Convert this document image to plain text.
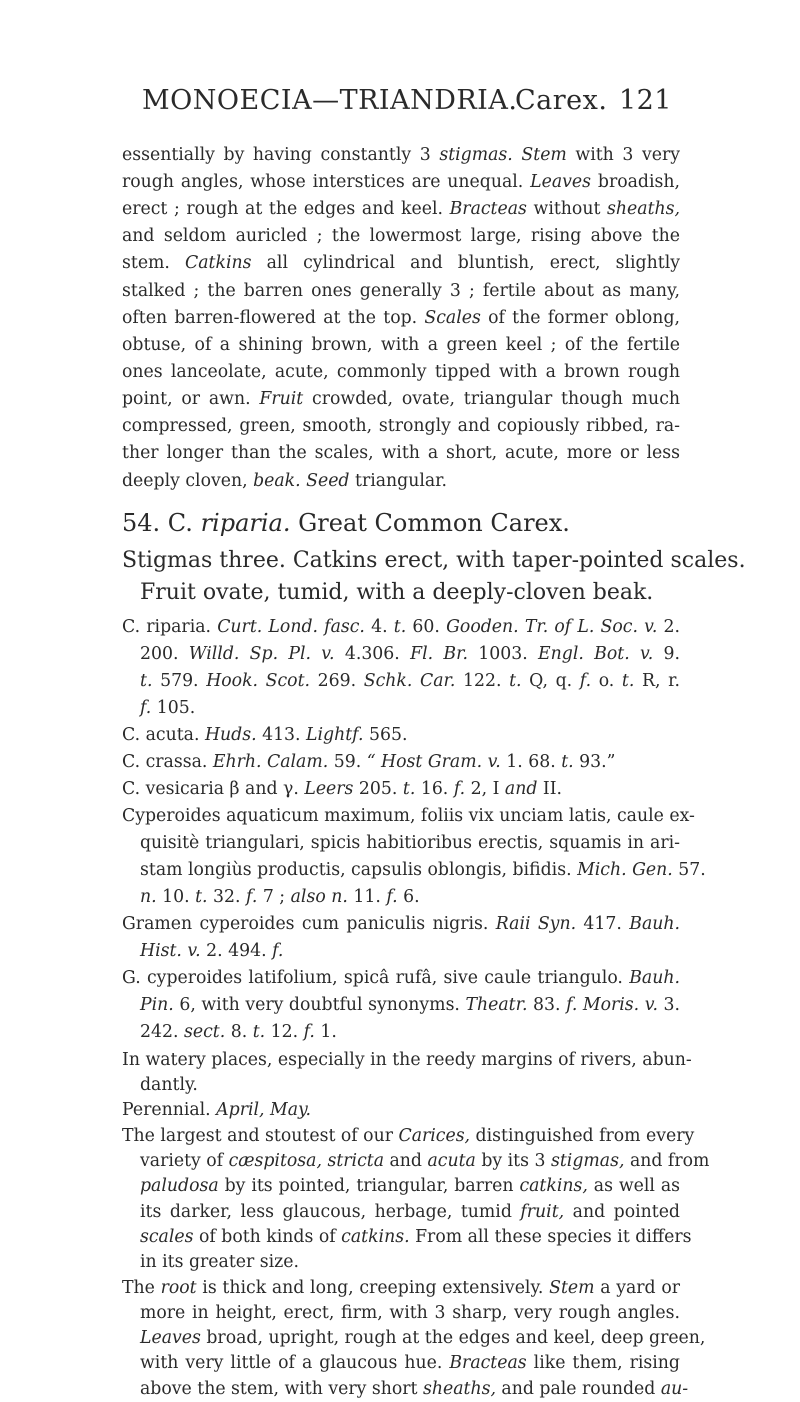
MONOECIA—TRIANDRIA.
Carex. 121
essentially by having constantly 3 stigmas. Stem with 3 very
rough angles, whose interstices are unequal. Leaves broadish,
erect ; rough at the edges and keel. Bracteas without sheaths,
and seldom auricled ; the lowermost large, rising above the
stem. Catkins all cylindrical and bluntish, erect, slightly
stalked ; the barren ones generally 3 ; fertile about as many,
often barren-flowered at the top. Scales of the former oblong,
obtuse, of a shining brown, with a green keel ; of the fertile
ones lanceolate, acute, commonly tipped with a brown rough
point, or awn. Fruit crowded, ovate, triangular though much
compressed, green, smooth, strongly and copiously ribbed, ra-
ther longer than the scales, with a short, acute, more or less
deeply cloven, beak. Seed triangular.
54. C. riparia. Great Common Carex.
Stigmas three. Catkins erect, with taper-pointed scales.
Fruit ovate, tumid, with a deeply-cloven beak.
C. riparia. Curt. Lond. fasc. 4. t. 60. Gooden. Tr. of L. Soc. v. 2.
200. Willd. Sp. Pl. v. 4.306. Fl. Br. 1003. Engl. Bot. v. 9.
t. 579. Hook. Scot. 269. Schk. Car. 122. t. Q, q. f. o. t. R, r.
f. 105.
C. acuta. Huds. 413. Lightf. 565.
C. crassa. Ehrh. Calam. 59. “ Host Gram. v. 1. 68. t. 93.”
C. vesicaria β and γ. Leers 205. t. 16. f. 2, I and II.
Cyperoides aquaticum maximum, foliis vix unciam latis, caule ex-
quisitè triangulari, spicis habitioribus erectis, squamis in ari-
stam longiùs productis, capsulis oblongis, bifidis. Mich. Gen. 57.
n. 10. t. 32. f. 7 ; also n. 11. f. 6.
Gramen cyperoides cum paniculis nigris. Raii Syn. 417. Bauh.
Hist. v. 2. 494. f.
G. cyperoides latifolium, spicâ rufâ, sive caule triangulo. Bauh.
Pin. 6, with very doubtful synonyms. Theatr. 83. f. Moris. v. 3.
242. sect. 8. t. 12. f. 1.
In watery places, especially in the reedy margins of rivers, abun-
dantly.
Perennial. April, May.
The largest and stoutest of our Carices, distinguished from every
variety of cæspitosa, stricta and acuta by its 3 stigmas, and from
paludosa by its pointed, triangular, barren catkins, as well as
its darker, less glaucous, herbage, tumid fruit, and pointed
scales of both kinds of catkins. From all these species it differs
in its greater size.
The root is thick and long, creeping extensively. Stem a yard or
more in height, erect, firm, with 3 sharp, very rough angles.
Leaves broad, upright, rough at the edges and keel, deep green,
with very little of a glaucous hue. Bracteas like them, rising
above the stem, with very short sheaths, and pale rounded au-
